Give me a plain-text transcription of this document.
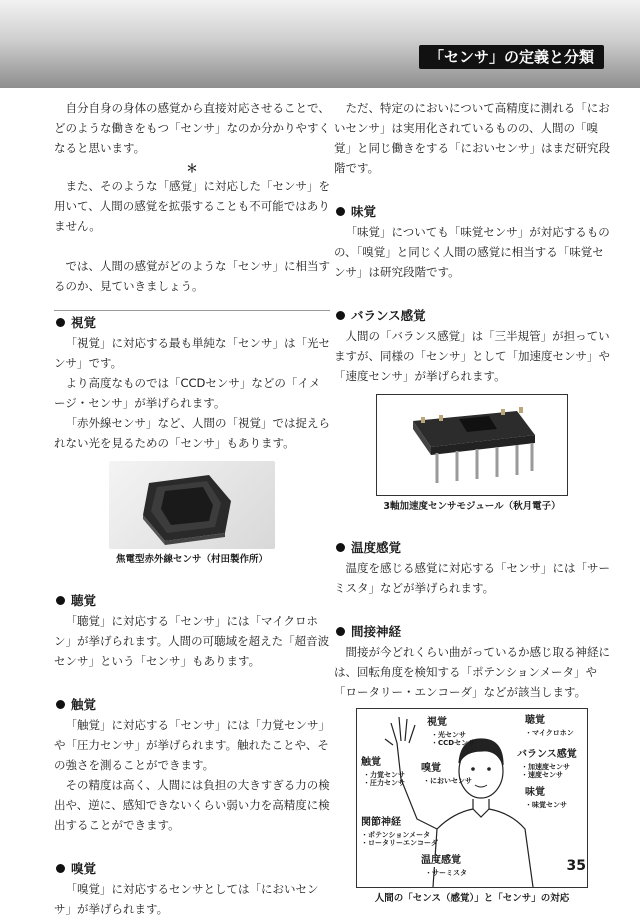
「センサ」の定義と分類

自分自身の身体の感覚から直接対応させることで、どのような働きをもつ「センサ」なのか分かりやすくなると思います。

＊

また、そのような「感覚」に対応した「センサ」を用いて、人間の感覚を拡張することも不可能ではありません。

では、人間の感覚がどのような「センサ」に相当するのか、見ていきましょう。

視覚

「視覚」に対応する最も単純な「センサ」は「光センサ」です。

より高度なものでは「CCDセンサ」などの「イメージ・センサ」が挙げられます。

「赤外線センサ」など、人間の「視覚」では捉えられない光を見るための「センサ」もあります。

焦電型赤外線センサ（村田製作所）
聴覚

「聴覚」に対応する「センサ」には「マイクロホン」が挙げられます。人間の可聴域を超えた「超音波センサ」という「センサ」もあります。

触覚

「触覚」に対応する「センサ」には「力覚センサ」や「圧力センサ」が挙げられます。触れたことや、その強さを測ることができます。

その精度は高く、人間には負担の大きすぎる力の検出や、逆に、感知できないくらい弱い力を高精度に検出することができます。

嗅覚

「嗅覚」に対応するセンサとしては「においセンサ」が挙げられます。

ただ、特定のにおいについて高精度に測れる「においセンサ」は実用化されているものの、人間の「嗅覚」と同じ働きをする「においセンサ」はまだ研究段階です。

味覚

「味覚」についても「味覚センサ」が対応するものの、「嗅覚」と同じく人間の感覚に相当する「味覚センサ」は研究段階です。

バランス感覚

人間の「バランス感覚」は「三半規管」が担っていますが、同様の「センサ」として「加速度センサ」や「速度センサ」が挙げられます。

3軸加速度センサモジュール（秋月電子）
温度感覚

温度を感じる感覚に対応する「センサ」には「サーミスタ」などが挙げられます。

間接神経

間接が今どれくらい曲がっているか感じ取る神経には、回転角度を検知する「ポテンションメータ」や「ロータリー・エンコーダ」などが該当します。

視覚
・光センサ
・CCDセンサ
聴覚
・マイクロホン
触覚
・力覚センサ
・圧力センサ
嗅覚
・においセンサ
バランス感覚
・加速度センサ
・速度センサ
味覚
・味覚センサ
関節神経
・ポテンションメータ
・ロータリーエンコーダ
温度感覚
・サーミスタ
人間の「センス（感覚）」と「センサ」の対応
35
